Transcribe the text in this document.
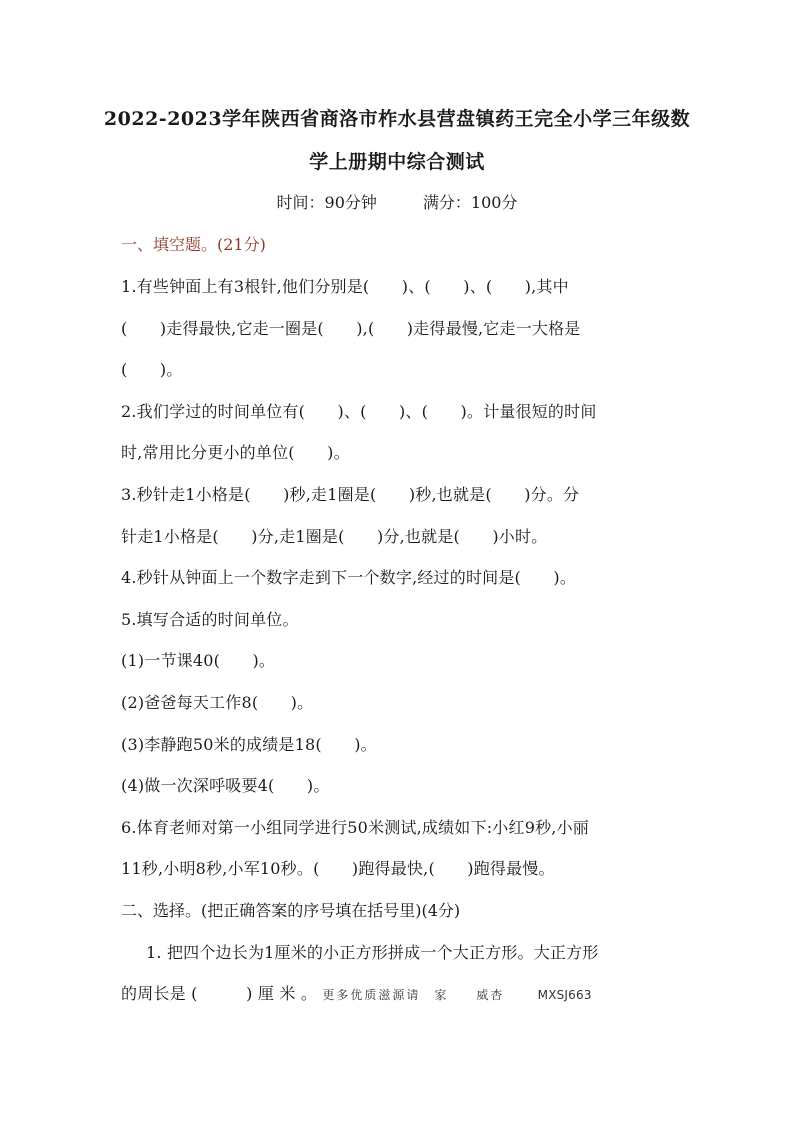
2022-2023学年陕西省商洛市柞水县营盘镇药王完全小学三年级数
学上册期中综合测试
时间：90分钟	满分：100分
一、填空题。(21分)
1.有些钟面上有3根针,他们分别是(　　)、(　　)、(　　),其中
(　　)走得最快,它走一圈是(　　),(　　)走得最慢,它走一大格是
(　　)。
2.我们学过的时间单位有(　　)、(　　)、(　　)。计量很短的时间
时,常用比分更小的单位(　　)。
3.秒针走1小格是(　　)秒,走1圈是(　　)秒,也就是(　　)分。分
针走1小格是(　　)分,走1圈是(　　)分,也就是(　　)小时。
4.秒针从钟面上一个数字走到下一个数字,经过的时间是(　　)。
5.填写合适的时间单位。
(1)一节课40(　　)。
(2)爸爸每天工作8(　　)。
(3)李静跑50米的成绩是18(　　)。
(4)做一次深呼吸要4(　　)。
6.体育老师对第一小组同学进行50米测试,成绩如下:小红9秒,小丽
11秒,小明8秒,小军10秒。(　　)跑得最快,(　　)跑得最慢。
二、选择。(把正确答案的序号填在括号里)(4分)
1. 把四个边长为1厘米的小正方形拼成一个大正方形。大正方形
的周长是 (　　　) 厘 米 。 更多优质滋源请　家　　威杏	MXSJ663
